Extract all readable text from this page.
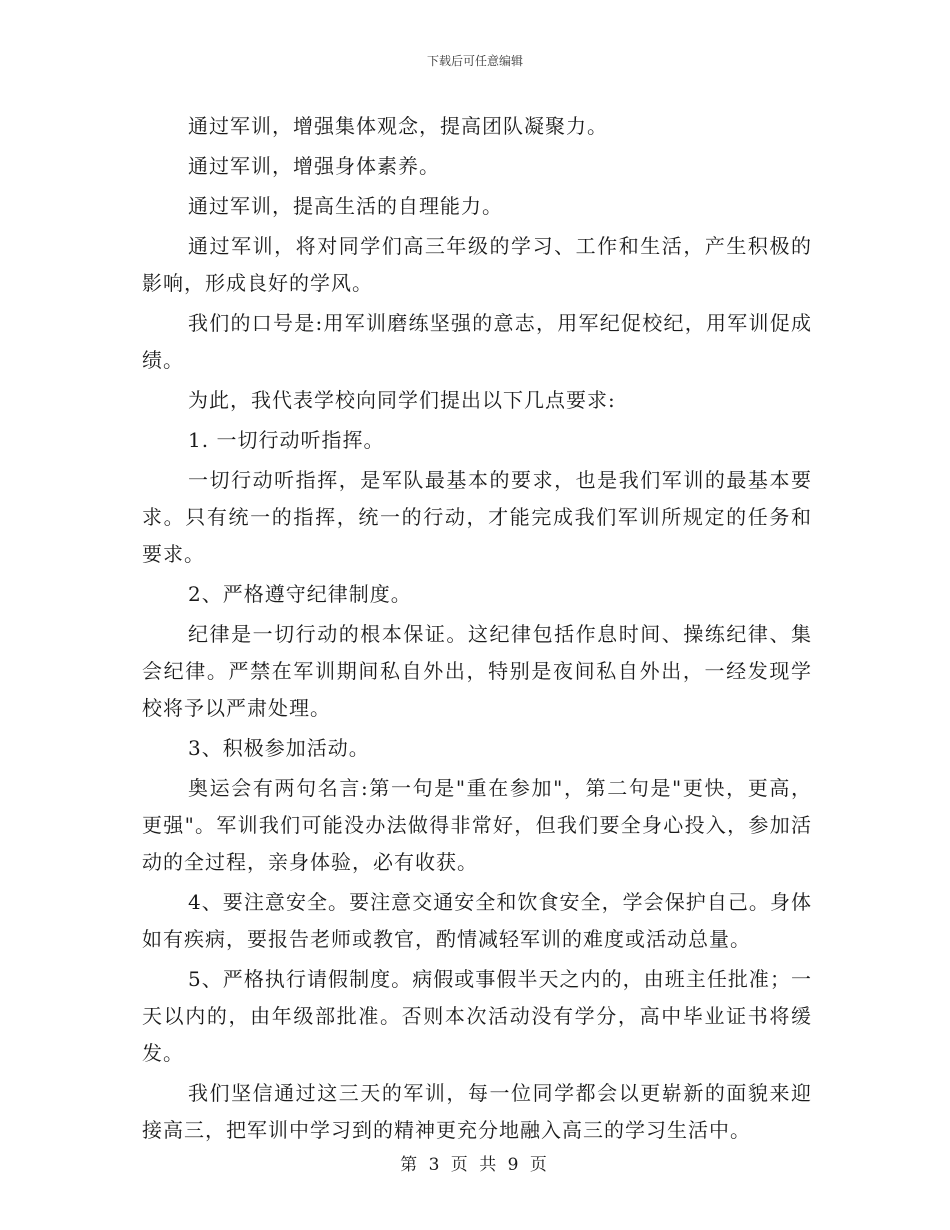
下载后可任意编辑

通过军训，增强集体观念，提高团队凝聚力。

通过军训，增强身体素养。

通过军训，提高生活的自理能力。

通过军训，将对同学们高三年级的学习、工作和生活，产生积极的影响，形成良好的学风。

我们的口号是:用军训磨练坚强的意志，用军纪促校纪，用军训促成绩。

为此，我代表学校向同学们提出以下几点要求:

1. 一切行动听指挥。

一切行动听指挥，是军队最基本的要求，也是我们军训的最基本要求。只有统一的指挥，统一的行动，才能完成我们军训所规定的任务和要求。

2、严格遵守纪律制度。

纪律是一切行动的根本保证。这纪律包括作息时间、操练纪律、集会纪律。严禁在军训期间私自外出，特别是夜间私自外出，一经发现学校将予以严肃处理。

3、积极参加活动。

奥运会有两句名言:第一句是"重在参加"，第二句是"更快，更高，更强"。军训我们可能没办法做得非常好，但我们要全身心投入，参加活动的全过程，亲身体验，必有收获。

4、要注意安全。要注意交通安全和饮食安全，学会保护自己。身体如有疾病，要报告老师或教官，酌情减轻军训的难度或活动总量。

5、严格执行请假制度。病假或事假半天之内的，由班主任批准；一天以内的，由年级部批准。否则本次活动没有学分，高中毕业证书将缓发。

我们坚信通过这三天的军训，每一位同学都会以更崭新的面貌来迎接高三，把军训中学习到的精神更充分地融入高三的学习生活中。

第 3 页 共 9 页
